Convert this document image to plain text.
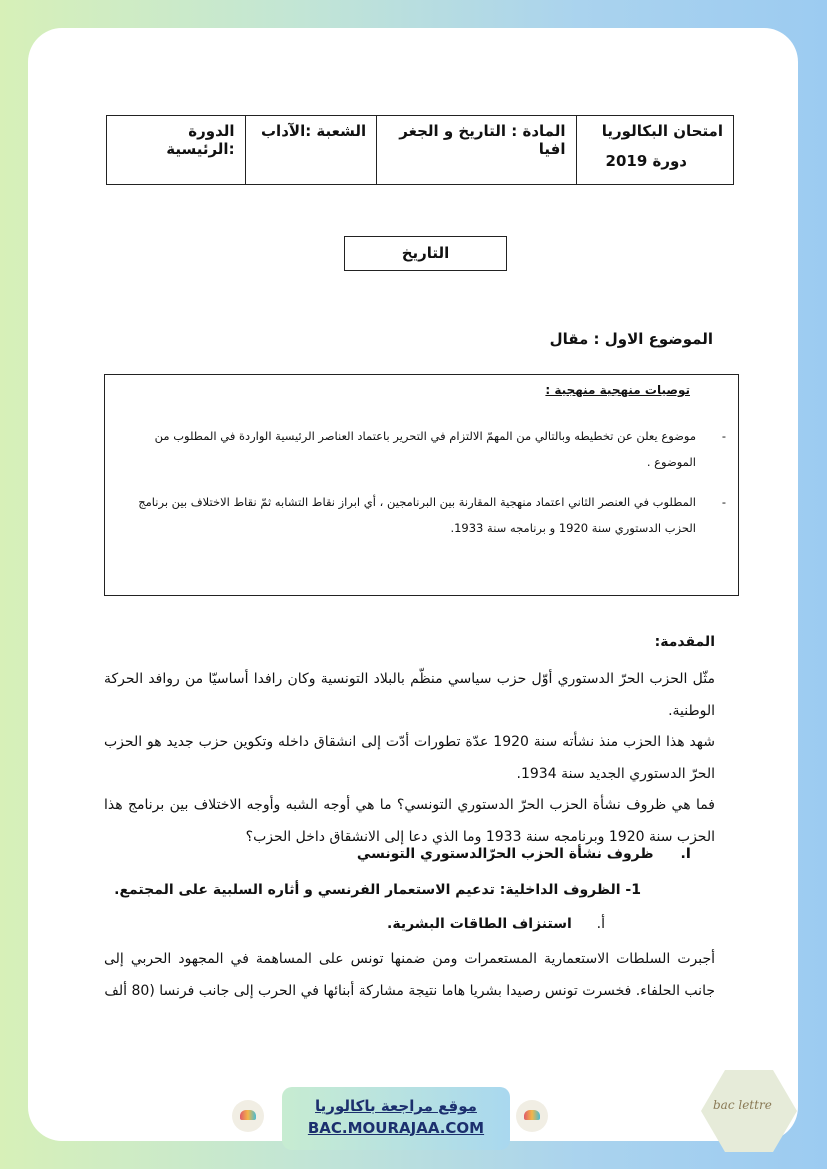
امتحان البكالوريا
دورة 2019
المادة : التاريخ و الجغر افيا
الشعبة :الآداب
الدورة :الرئيسية
التاريخ
الموضوع الاول : مقال
توصيات منهجية منهجية :
-
موضوع يعلن عن تخطيطه وبالتالي من المهمّ الالتزام في التحرير باعتماد العناصر الرئيسية الواردة في المطلوب من الموضوع .
-
المطلوب في العنصر الثاني اعتماد منهجية المقارنة بين البرنامجين ، أي ابراز نقاط التشابه ثمّ نقاط الاختلاف بين برنامج الحزب الدستوري سنة 1920 و برنامجه سنة 1933.
المقدمة:
مثّل الحزب الحرّ الدستوري أوّل حزب سياسي منظّم بالبلاد التونسية وكان رافدا أساسيّا من روافد الحركة الوطنية.
شهد هذا الحزب منذ نشأته سنة 1920 عدّة تطورات أدّت إلى انشقاق داخله وتكوين حزب جديد هو الحزب الحرّ الدستوري الجديد سنة 1934.
فما هي ظروف نشأة الحزب الحرّ الدستوري التونسي؟ ما هي أوجه الشبه وأوجه الاختلاف بين برنامج هذا الحزب سنة 1920 وبرنامجه سنة 1933 وما الذي دعا إلى الانشقاق داخل الحزب؟
I. ظروف نشأة الحزب الحرّالدستوري التونسي
1- الظروف الداخلية: تدعيم الاستعمار الفرنسي و أثاره السلبية على المجتمع.
أ. استنزاف الطاقات البشرية.
أجبرت السلطات الاستعمارية المستعمرات ومن ضمنها تونس على المساهمة في المجهود الحربي إلى جانب الحلفاء. فخسرت تونس رصيدا بشريا هاما نتيجة مشاركة أبنائها في الحرب إلى جانب فرنسا (80 ألف
موقع مراجعة باكالوريا
BAC.MOURAJAA.COM
bac lettre
